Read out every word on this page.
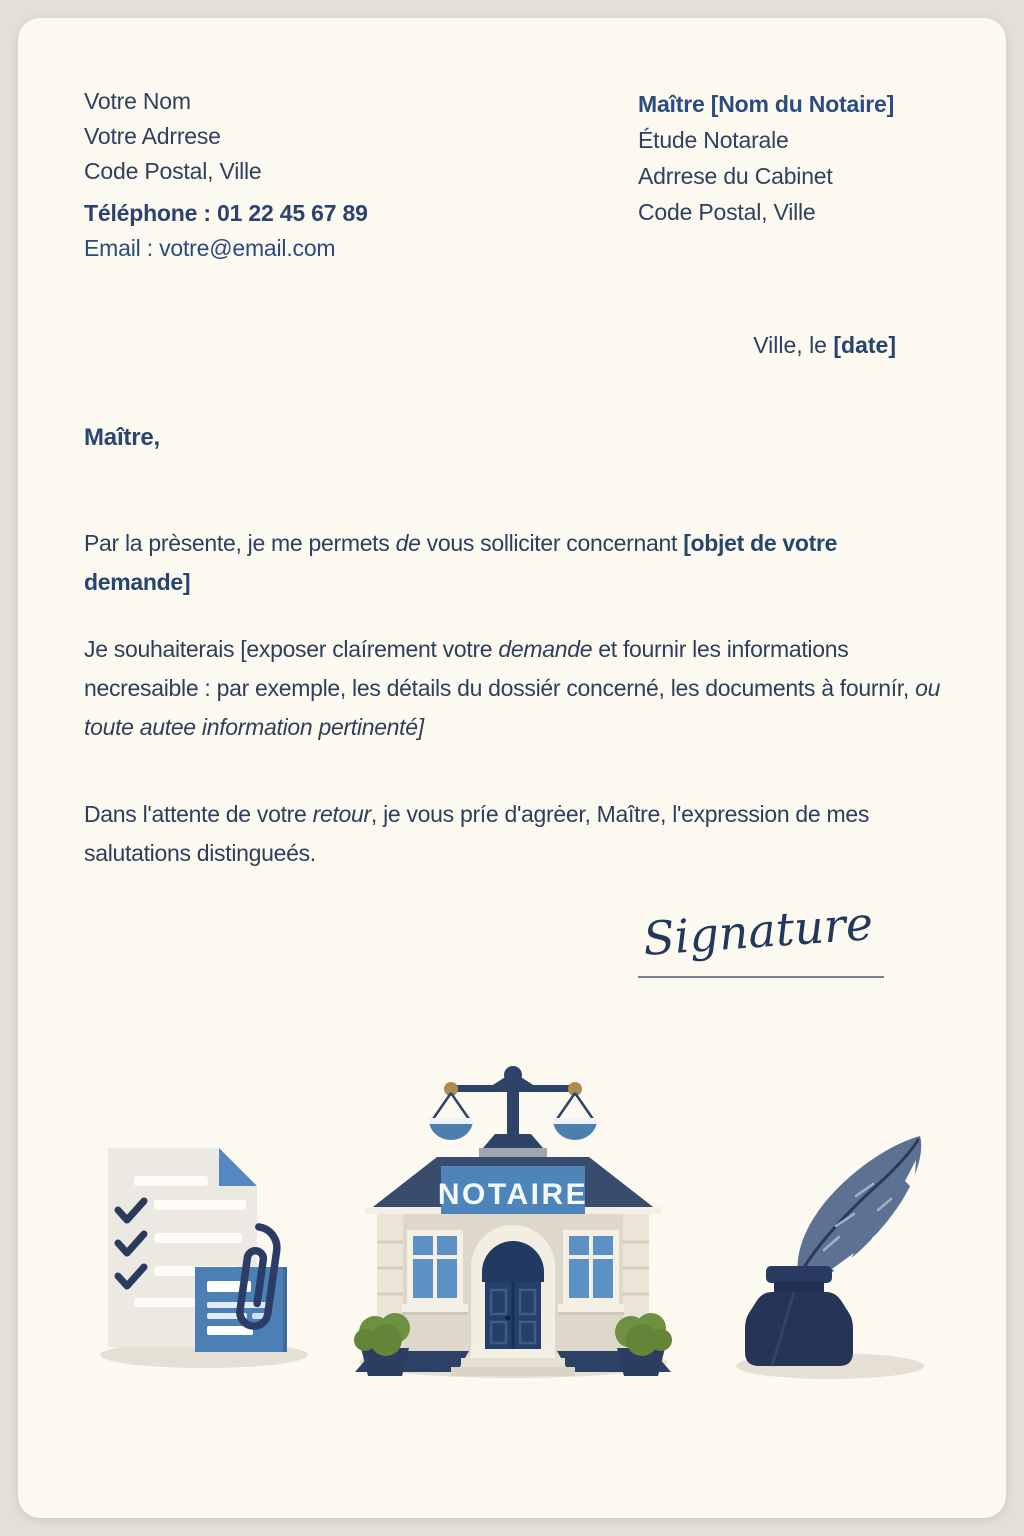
Votre Nom
Votre Adrrese
Code Postal, Ville
Téléphone : 01 22 45 67 89
Email : votre@email.com
Maître [Nom du Notaire]
Étude Notarale
Adrrese du Cabinet
Code Postal, Ville
Ville, le [date]
Maître,
Par la prèsente, je me permets de vous solliciter concernant [objet de votre demande]
Je souhaiterais [exposer claírement votre demande et fournir les informations necresaible : par exemple, les détails du dossiér concerné, les documents à fournír, ou toute autee information pertinenté]
Dans l'attente de votre retour, je vous príe d'agrėer, Maître, l'expression de mes salutations distingueés.
Signature
NOTAIRE
